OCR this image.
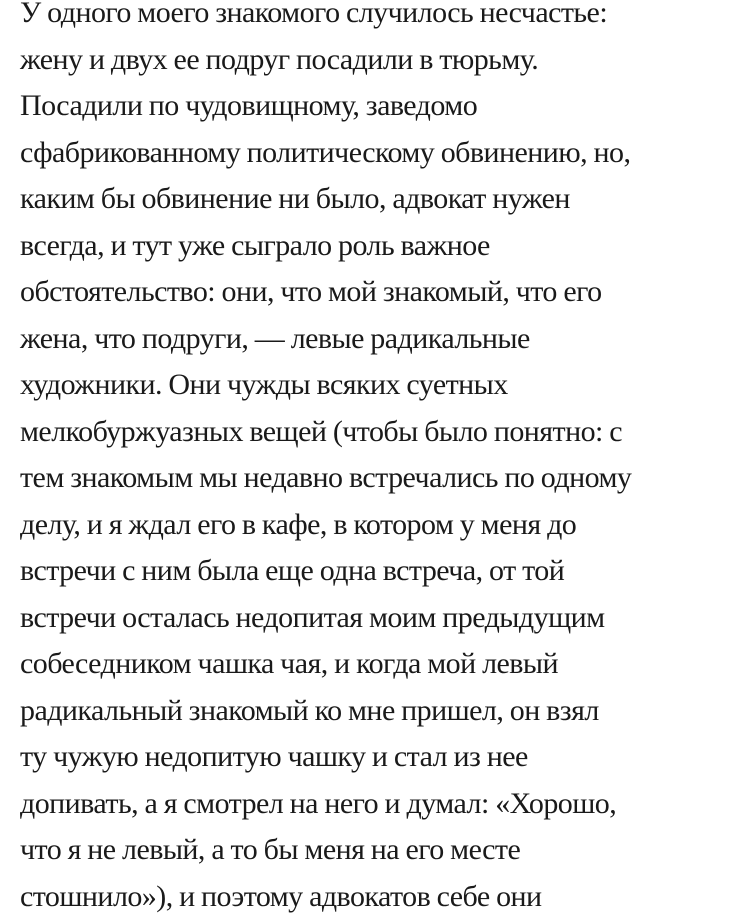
У одного моего знакомого случилось несчастье:
жену и двух ее подруг посадили в тюрьму.
Посадили по чудовищному, заведомо
сфабрикованному политическому обвинению, но,
каким бы обвинение ни было, адвокат нужен
всегда, и тут уже сыграло роль важное
обстоятельство: они, что мой знакомый, что его
жена, что подруги, — левые радикальные
художники. Они чужды всяких суетных
мелкобуржуазных вещей (чтобы было понятно: с
тем знакомым мы недавно встречались по одному
делу, и я ждал его в кафе, в котором у меня до
встречи с ним была еще одна встреча, от той
встречи осталась недопитая моим предыдущим
собеседником чашка чая, и когда мой левый
радикальный знакомый ко мне пришел, он взял
ту чужую недопитую чашку и стал из нее
допивать, а я смотрел на него и думал: «Хорошо,
что я не левый, а то бы меня на его месте
стошнило»), и поэтому адвокатов себе они
